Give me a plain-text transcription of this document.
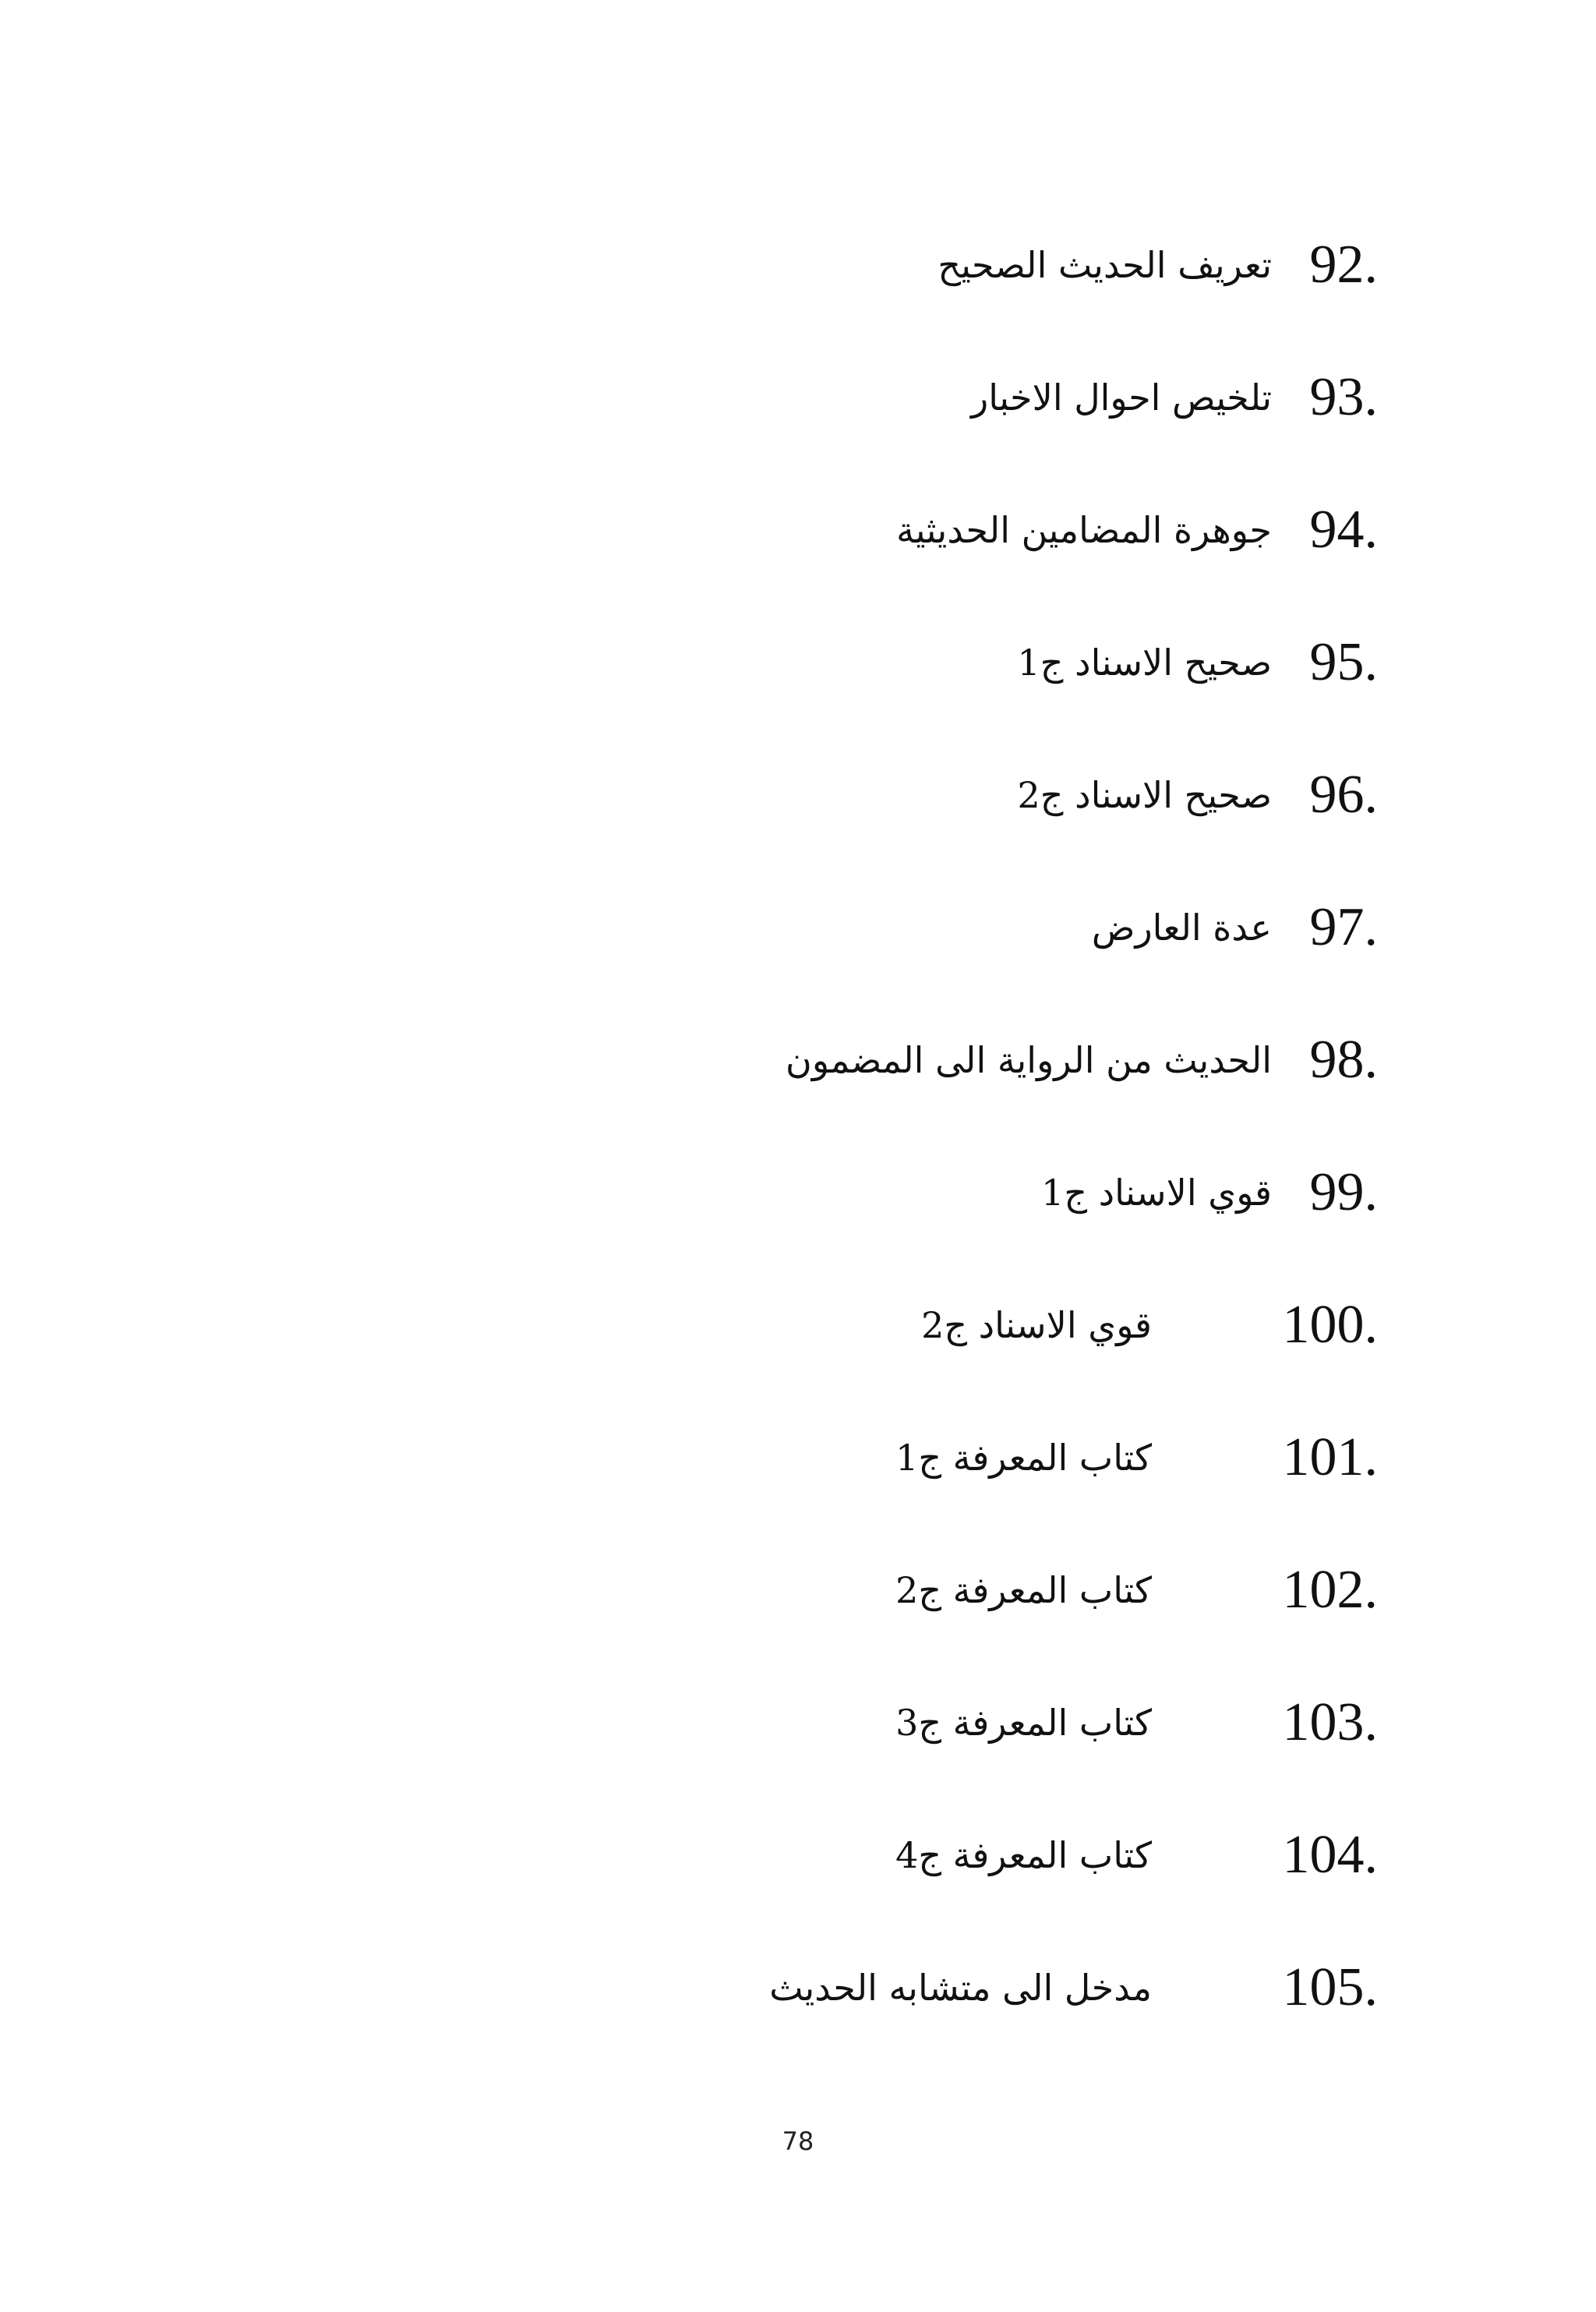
تعريف الحديث الصحيح 92.
تلخيص احوال الاخبار 93.
جوهرة المضامين الحديثية 94.
صحيح الاسناد ج1 95.
صحيح الاسناد ج2 96.
عدة العارض 97.
الحديث من الرواية الى المضمون 98.
قوي الاسناد ج1 99.
قوي الاسناد ج2	100.
كتاب المعرفة ج1	101.
كتاب المعرفة ج2	102.
كتاب المعرفة ج3	103.
كتاب المعرفة ج4	104.
مدخل الى متشابه الحديث	105.
78
